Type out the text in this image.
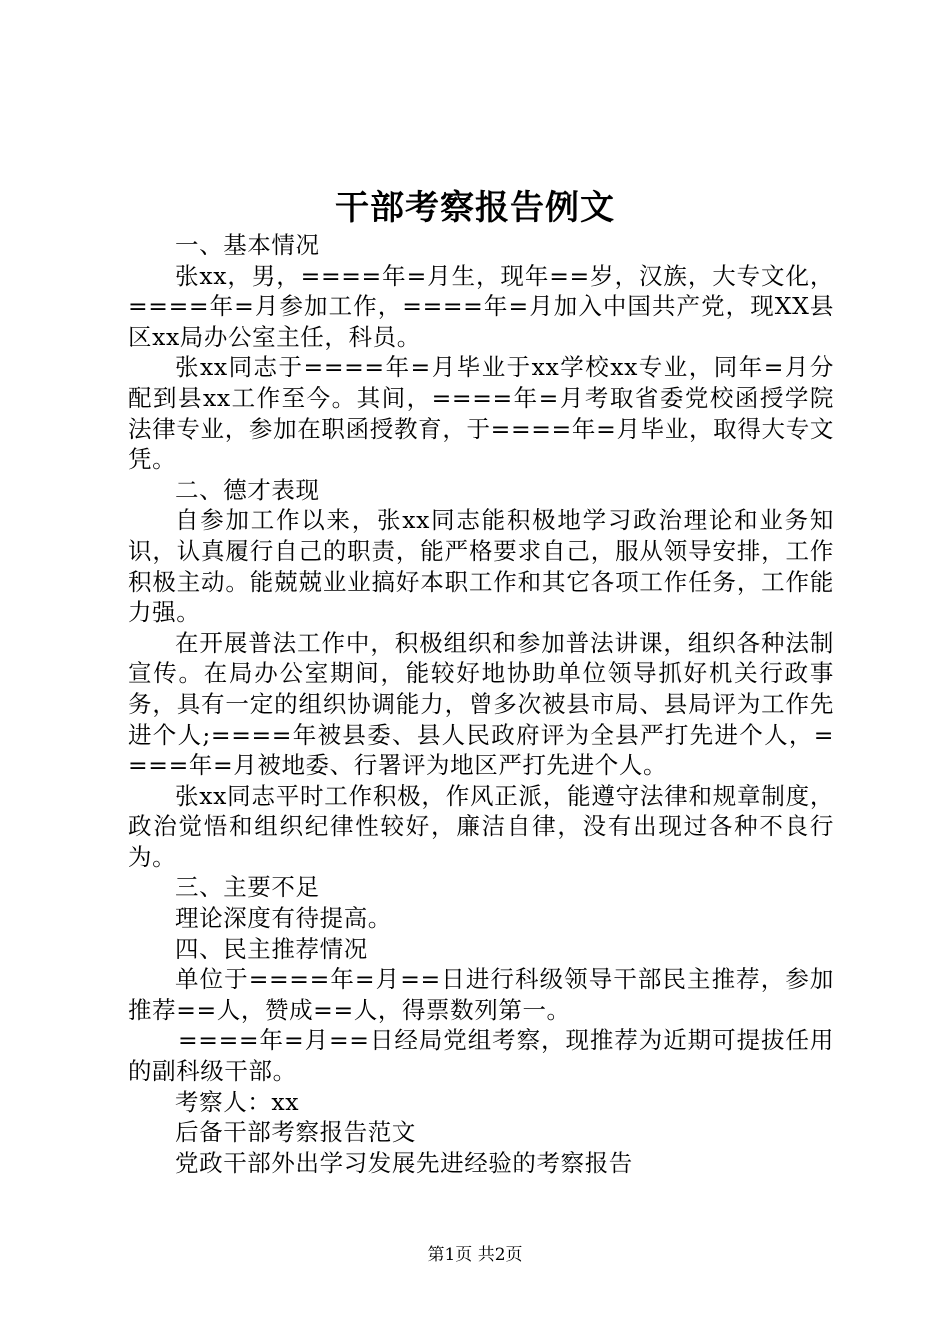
干部考察报告例文

一、基本情况

张xx，男，====年=月生，现年==岁，汉族，大专文化，====年=月参加工作，====年=月加入中国共产党，现XX县区xx局办公室主任，科员。

张xx同志于====年=月毕业于xx学校xx专业，同年=月分配到县xx工作至今。其间，====年=月考取省委党校函授学院法律专业，参加在职函授教育，于====年=月毕业，取得大专文凭。

二、德才表现

自参加工作以来，张xx同志能积极地学习政治理论和业务知识，认真履行自己的职责，能严格要求自己，服从领导安排，工作积极主动。能兢兢业业搞好本职工作和其它各项工作任务，工作能力强。

在开展普法工作中，积极组织和参加普法讲课，组织各种法制宣传。在局办公室期间，能较好地协助单位领导抓好机关行政事务，具有一定的组织协调能力，曾多次被县市局、县局评为工作先进个人;====年被县委、县人民政府评为全县严打先进个人，====年=月被地委、行署评为地区严打先进个人。

张xx同志平时工作积极，作风正派，能遵守法律和规章制度，政治觉悟和组织纪律性较好，廉洁自律，没有出现过各种不良行为。

三、主要不足

理论深度有待提高。

四、民主推荐情况

单位于====年=月==日进行科级领导干部民主推荐，参加推荐==人，赞成==人，得票数列第一。

====年=月==日经局党组考察，现推荐为近期可提拔任用的副科级干部。

考察人：xx

后备干部考察报告范文

党政干部外出学习发展先进经验的考察报告

第1页 共2页
